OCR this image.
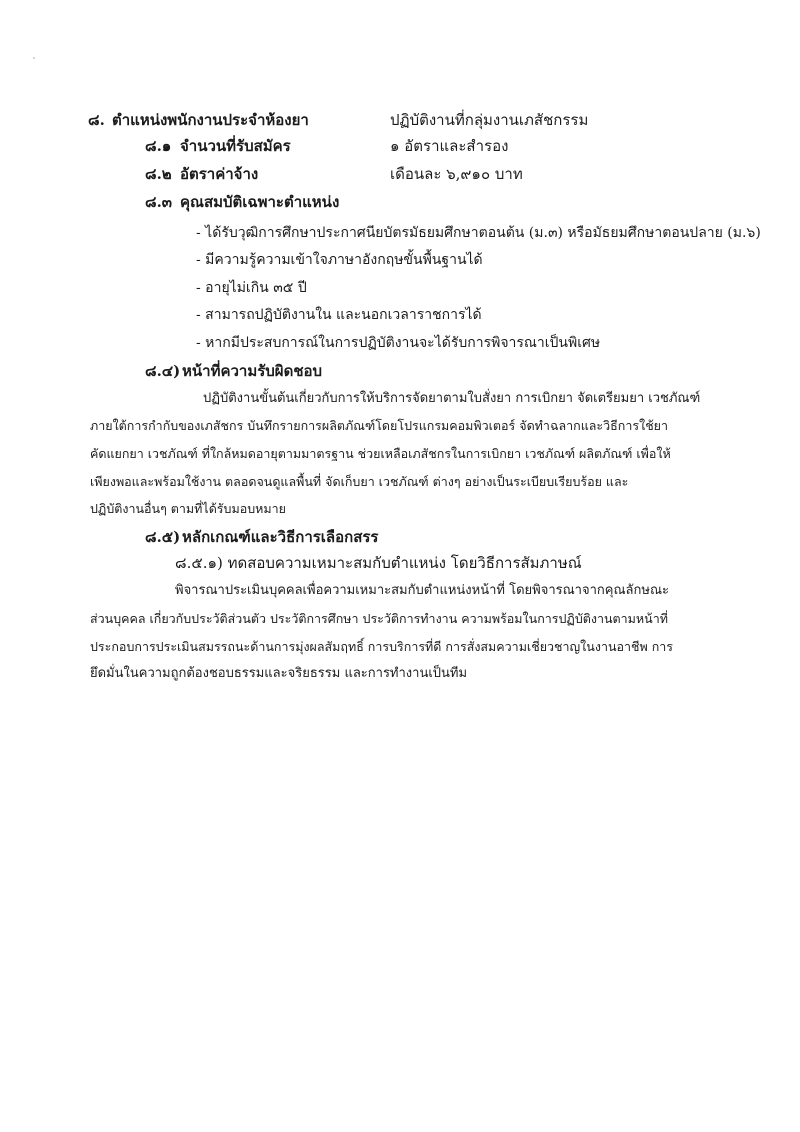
๘. ตำแหน่งพนักงานประจำห้องยา	ปฏิบัติงานที่กลุ่มงานเภสัชกรรม
๘.๑ จำนวนที่รับสมัคร	๑ อัตราและสำรอง
๘.๒ อัตราค่าจ้าง	เดือนละ ๖,๙๑๐ บาท
๘.๓ คุณสมบัติเฉพาะตำแหน่ง
- ได้รับวุฒิการศึกษาประกาศนียบัตรมัธยมศึกษาตอนต้น (ม.๓) หรือมัธยมศึกษาตอนปลาย (ม.๖)
- มีความรู้ความเข้าใจภาษาอังกฤษขั้นพื้นฐานได้
- อายุไม่เกิน ๓๕ ปี
- สามารถปฏิบัติงานใน และนอกเวลาราชการได้
- หากมีประสบการณ์ในการปฏิบัติงานจะได้รับการพิจารณาเป็นพิเศษ
๘.๔) หน้าที่ความรับผิดชอบ
ปฏิบัติงานขั้นต้นเกี่ยวกับการให้บริการจัดยาตามใบสั่งยา การเบิกยา จัดเตรียมยา เวชภัณฑ์
ภายใต้การกำกับของเภสัชกร บันทึกรายการผลิตภัณฑ์โดยโปรแกรมคอมพิวเตอร์ จัดทำฉลากและวิธีการใช้ยา
คัดแยกยา เวชภัณฑ์ ที่ใกล้หมดอายุตามมาตรฐาน ช่วยเหลือเภสัชกรในการเบิกยา เวชภัณฑ์ ผลิตภัณฑ์ เพื่อให้
เพียงพอและพร้อมใช้งาน ตลอดจนดูแลพื้นที่ จัดเก็บยา เวชภัณฑ์ ต่างๆ อย่างเป็นระเบียบเรียบร้อย และ
ปฏิบัติงานอื่นๆ ตามที่ได้รับมอบหมาย
๘.๕) หลักเกณฑ์และวิธีการเลือกสรร
๘.๕.๑) ทดสอบความเหมาะสมกับตำแหน่ง โดยวิธีการสัมภาษณ์
พิจารณาประเมินบุคคลเพื่อความเหมาะสมกับตำแหน่งหน้าที่ โดยพิจารณาจากคุณลักษณะ
ส่วนบุคคล เกี่ยวกับประวัติส่วนตัว ประวัติการศึกษา ประวัติการทำงาน ความพร้อมในการปฏิบัติงานตามหน้าที่
ประกอบการประเมินสมรรถนะด้านการมุ่งผลสัมฤทธิ์ การบริการที่ดี การสั่งสมความเชี่ยวชาญในงานอาชีพ การ
ยึดมั่นในความถูกต้องชอบธรรมและจริยธรรม และการทำงานเป็นทีม
